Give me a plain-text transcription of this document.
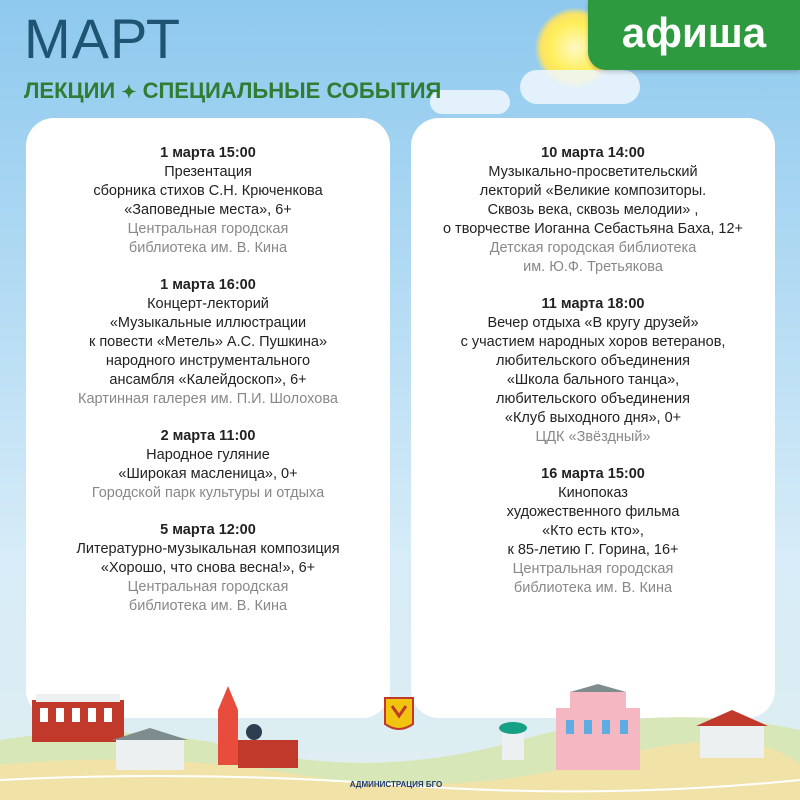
МАРТ
ЛЕКЦИИ ✦ СПЕЦИАЛЬНЫЕ СОБЫТИЯ
афиша
1 марта 15:00
Презентация
сборника стихов С.Н. Крюченкова
«Заповедные места», 6+
Центральная городская
библиотека им. В. Кина
1 марта 16:00
Концерт-лекторий
«Музыкальные иллюстрации
к повести «Метель» А.С. Пушкина»
народного инструментального
ансамбля «Калейдоскоп», 6+
Картинная галерея им. П.И. Шолохова
2 марта 11:00
Народное гуляние
«Широкая масленица», 0+
Городской парк культуры и отдыха
5 марта 12:00
Литературно-музыкальная композиция
«Хорошо, что снова весна!», 6+
Центральная городская
библиотека им. В. Кина
10 марта 14:00
Музыкально-просветительский
лекторий «Великие композиторы.
Сквозь века, сквозь мелодии» ,
о творчестве Иоганна Себастьяна Баха, 12+
Детская городская библиотека
им. Ю.Ф. Третьякова
11 марта 18:00
Вечер отдыха «В кругу друзей»
с участием народных хоров ветеранов,
любительского объединения
«Школа бального танца»,
любительского объединения
«Клуб выходного дня», 0+
ЦДК «Звёздный»
16 марта 15:00
Кинопоказ
художественного фильма
«Кто есть кто»,
к 85-летию Г. Горина, 16+
Центральная городская
библиотека им. В. Кина
АДМИНИСТРАЦИЯ БГО
